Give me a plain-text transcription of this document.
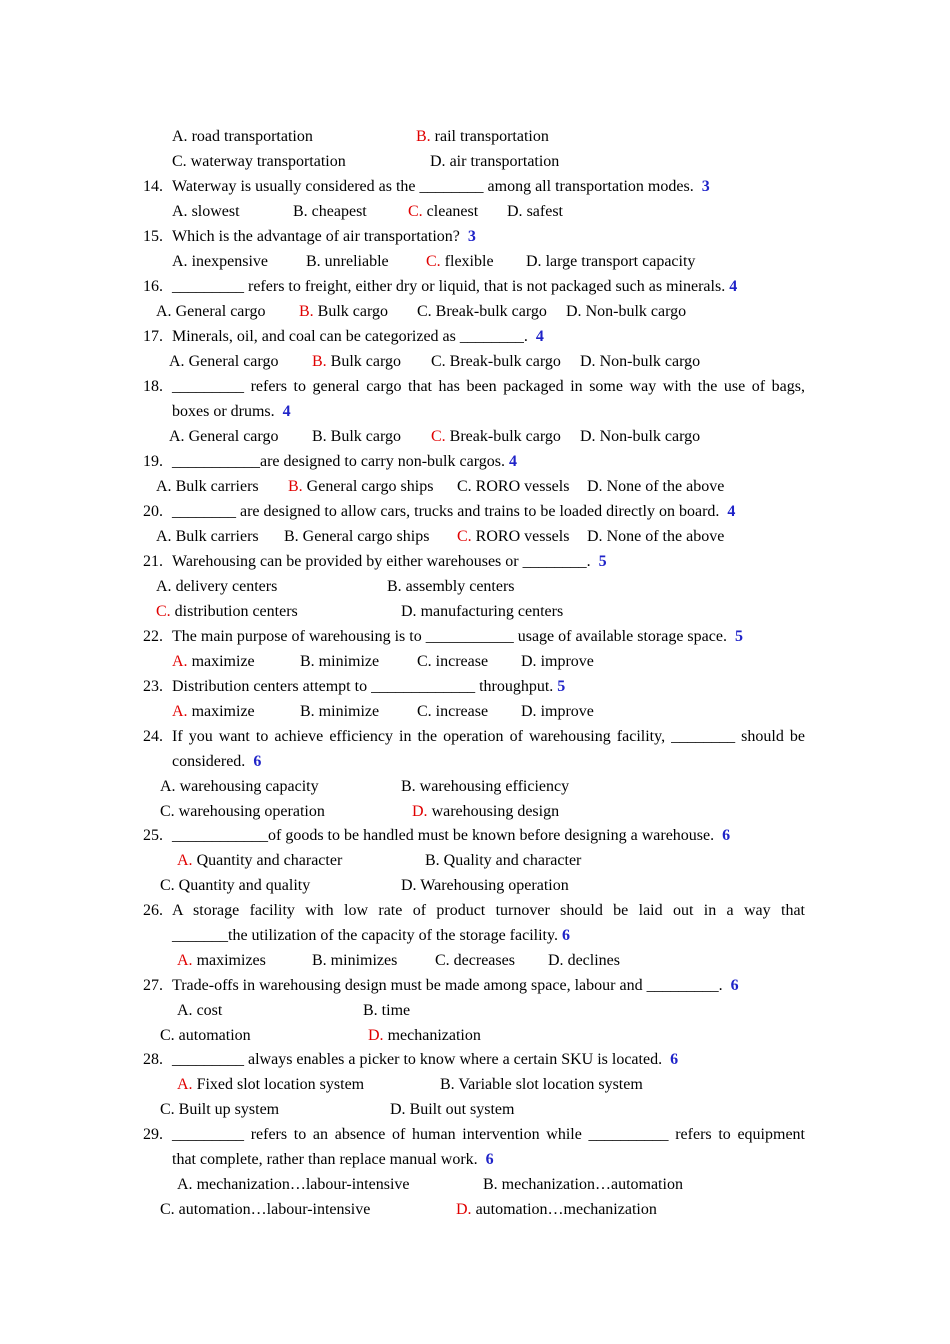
A. road transportation	B. rail transportation
C. waterway transportation	D. air transportation
14. Waterway is usually considered as the ________ among all transportation modes. 3
A. slowest	B. cheapest	C. cleanest D. safest
15. Which is the advantage of air transportation? 3
A. inexpensive B. unreliable C. flexible D. large transport capacity
16. _________ refers to freight, either dry or liquid, that is not packaged such as minerals. 4
A. General cargo B. Bulk cargo C. Break-bulk cargo D. Non-bulk cargo
17. Minerals, oil, and coal can be categorized as ________. 4
A. General cargo B. Bulk cargo C. Break-bulk cargo D. Non-bulk cargo
18. _________ refers to general cargo that has been packaged in some way with the use of bags,
boxes or drums. 4
A. General cargo B. Bulk cargo C. Break-bulk cargo D. Non-bulk cargo
19. ___________are designed to carry non-bulk cargos. 4
A. Bulk carriers B. General cargo ships C. RORO vessels D. None of the above
20. ________ are designed to allow cars, trucks and trains to be loaded directly on board. 4
A. Bulk carriers B. General cargo ships C. RORO vessels D. None of the above
21. Warehousing can be provided by either warehouses or ________. 5
A. delivery centers	B. assembly centers
C. distribution centers	D. manufacturing centers
22. The main purpose of warehousing is to ___________ usage of available storage space. 5
A. maximize	B. minimize C. increase D. improve
23. Distribution centers attempt to _____________ throughput. 5
A. maximize	B. minimize C. increase D. improve
24. If you want to achieve efficiency in the operation of warehousing facility, ________ should be
considered. 6
A. warehousing capacity	B. warehousing efficiency
C. warehousing operation	D. warehousing design
25. ____________of goods to be handled must be known before designing a warehouse. 6
A. Quantity and character	B. Quality and character
C. Quantity and quality	D. Warehousing operation
26. A storage facility with low rate of product turnover should be laid out in a way that
_______the utilization of the capacity of the storage facility. 6
A. maximizes	B. minimizes C. decreases D. declines
27. Trade-offs in warehousing design must be made among space, labour and _________. 6
A. cost	B. time
C. automation	D. mechanization
28. _________ always enables a picker to know where a certain SKU is located. 6
A. Fixed slot location system	B. Variable slot location system
C. Built up system	D. Built out system
29. _________ refers to an absence of human intervention while __________ refers to equipment
that complete, rather than replace manual work. 6
A. mechanization…labour-intensive	B. mechanization…automation
C. automation…labour-intensive	D. automation…mechanization
